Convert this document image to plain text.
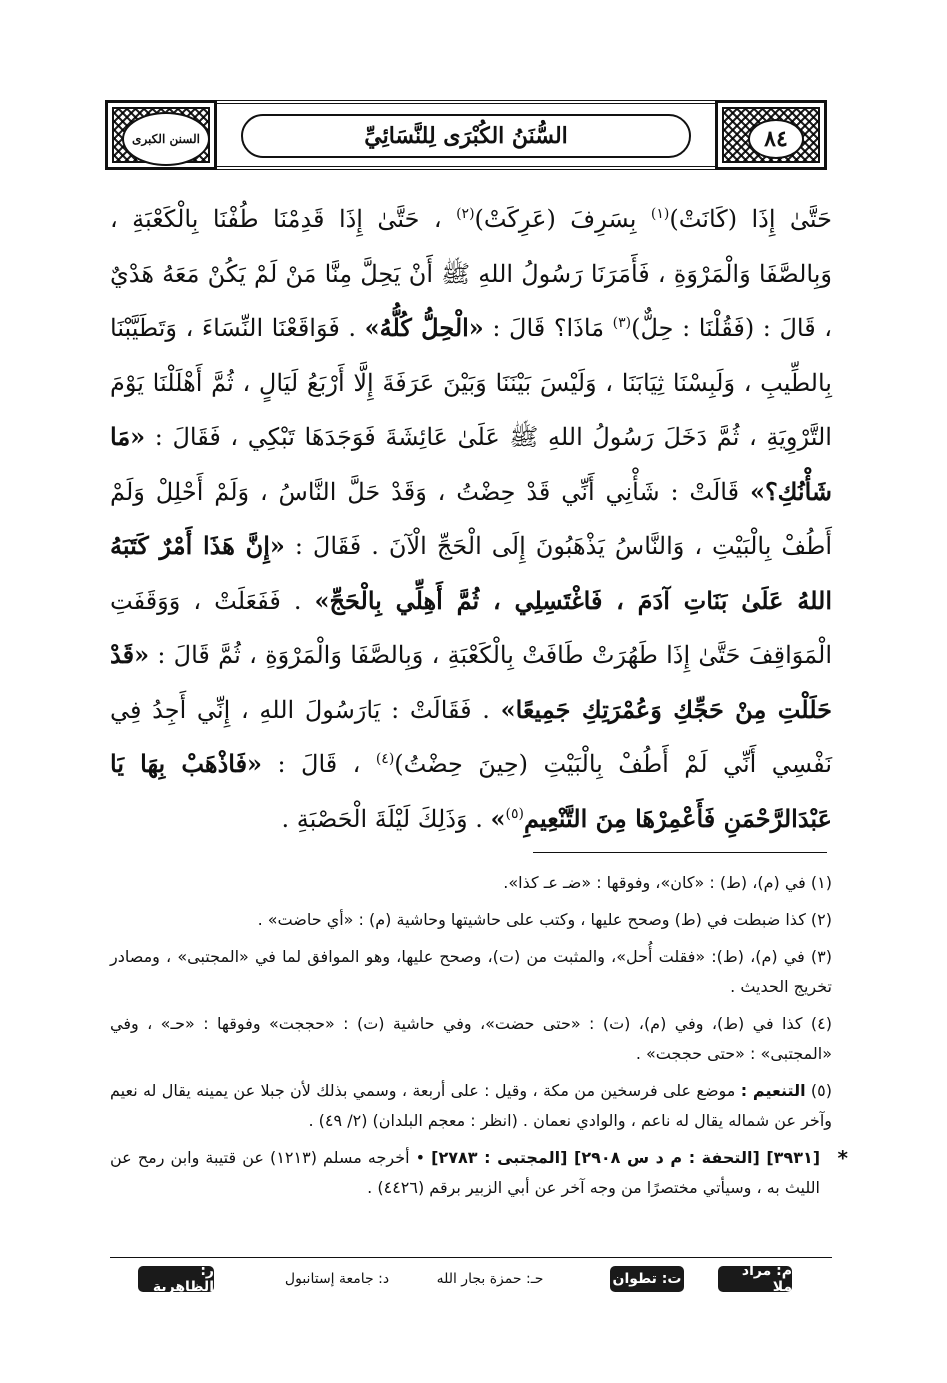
السنن الكبرى	السُّنَنُ الكُبْرَى لِلنَّسَائِيِّ	٨٤
حَتَّىٰ إِذَا (كَانَتْ)$^{(١)}$ بِسَرِفَ (عَرِكَتْ)$^{(٢)}$ ، حَتَّىٰ إِذَا قَدِمْنَا طُفْنَا بِالْكَعْبَةِ ، وَبِالصَّفَا وَالْمَرْوَةِ ، فَأَمَرَنَا رَسُولُ اللهِ ﷺ أَنْ يَحِلَّ مِنَّا مَنْ لَمْ يَكُنْ مَعَهُ هَدْيٌ ، قَالَ : (فَقُلْنَا : حِلٌّ)$^{(٣)}$ مَاذَا؟ قَالَ : «الْحِلُّ كُلُّهُ» . فَوَاقَعْنَا النِّسَاءَ ، وَتَطَيَّبْنَا بِالطِّيبِ ، وَلَبِسْنَا ثِيَابَنَا ، وَلَيْسَ بَيْنَنَا وَبَيْنَ عَرَفَةَ إِلَّا أَرْبَعُ لَيَالٍ ، ثُمَّ أَهْلَلْنَا يَوْمَ التَّرْوِيَةِ ، ثُمَّ دَخَلَ رَسُولُ اللهِ ﷺ عَلَىٰ عَائِشَةَ فَوَجَدَهَا تَبْكِي ، فَقَالَ : «مَا شَأْنُكِ؟» قَالَتْ : شَأْنِي أَنِّي قَدْ حِضْتُ ، وَقَدْ حَلَّ النَّاسُ ، وَلَمْ أَحْلِلْ وَلَمْ أَطُفْ بِالْبَيْتِ ، وَالنَّاسُ يَذْهَبُونَ إِلَى الْحَجِّ الْآنَ . فَقَالَ : «إِنَّ هَذَا أَمْرٌ كَتَبَهُ اللهُ عَلَىٰ بَنَاتِ آدَمَ ، فَاغْتَسِلِي ، ثُمَّ أَهِلِّي بِالْحَجِّ» . فَفَعَلَتْ ، وَوَقَفَتِ الْمَوَاقِفَ حَتَّىٰ إِذَا طَهُرَتْ طَافَتْ بِالْكَعْبَةِ ، وَبِالصَّفَا وَالْمَرْوَةِ ، ثُمَّ قَالَ : «قَدْ حَلَلْتِ مِنْ حَجِّكِ وَعُمْرَتِكِ جَمِيعًا» . فَقَالَتْ : يَارَسُولَ اللهِ ، إِنِّي أَجِدُ فِي نَفْسِي أَنِّي لَمْ أَطُفْ بِالْبَيْتِ (حِينَ حِضْتُ)$^{(٤)}$ ، قَالَ : «فَاذْهَبْ بِهَا يَا عَبْدَالرَّحْمَنِ فَأَعْمِرْهَا مِنَ التَّنْعِيمِ$^{(٥)}$» . وَذَلِكَ لَيْلَةَ الْحَصْبَةِ .
(١) في (م)، (ط) : «كان»، وفوقها : «ضـ عـ كذا».
(٢) كذا ضبطت في (ط) وصحح عليها ، وكتب على حاشيتها وحاشية (م) : «أي حاضت» .
(٣) في (م)، (ط): «فقلت أُحل»، والمثبت من (ت)، وصحح عليها، وهو الموافق لما في «المجتبى» ، ومصادر تخريج الحديث .
(٤) كذا في (ط)، وفي (م)، (ت) : «حتى حضت»، وفي حاشية (ت) : «حججت» وفوقها : «حـ» ، وفي «المجتبى» : «حتى حججت» .
(٥) التنعيم : موضع على فرسخين من مكة ، وقيل : على أربعة ، وسمي بذلك لأن جبلا عن يمينه يقال له نعيم وآخر عن شماله يقال له ناعم ، والوادي نعمان . (انظر : معجم البلدان) (٢/ ٤٩) .
*
[٣٩٣١] [التحفة : م د س ٢٩٠٨] [المجتبى : ٢٧٨٣] • أخرجه مسلم (١٢١٣) عن قتيبة وابن رمح عن الليث به ، وسيأتي مختصرًا من وجه آخر عن أبي الزبير برقم (٤٤٢٦) .
م: مراد ملا
ت: تطوان
حـ: حمزة بجار الله
د: جامعة إستانبول
ر: الظاهرية
